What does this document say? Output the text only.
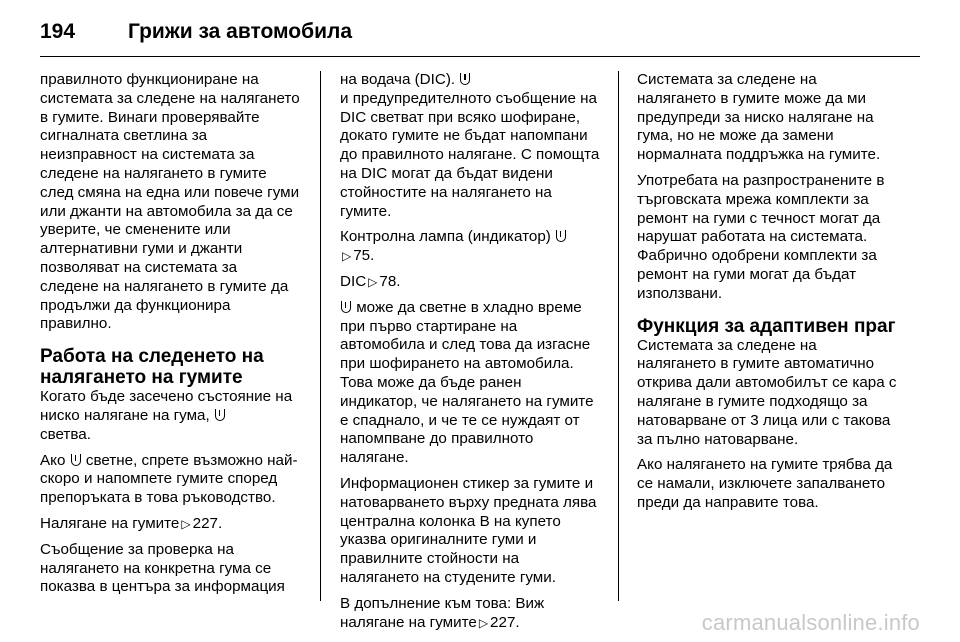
194	Грижи за автомобила

правилното функциониране на системата за следене на налягането в гумите. Винаги проверявайте сигналната светлина за неизправност на системата за следене на налягането в гумите след смяна на една или повече гуми или джанти на автомобила за да се уверите, че сменените или алтернативни гуми и джанти позволяват на системата за следене на налягането в гумите да продължи да функционира правилно.

Работа на следенето на налягането на гумите

Когато бъде засечено състояние на ниско налягане на гума,
светва.

Ако светне, спрете възможно най-скоро и напомпете гумите според препоръката в това ръководство.

Налягане на гумите ▷ 227.

Съобщение за проверка на налягането на конкретна гума се показва в центъра за информация

на водача (DIC).
и предупредителното съобщение на DIC светват при всяко шофиране, докато гумите не бъдат напомпани до правилното налягане. С помощта на DIC могат да бъдат видени стойностите на налягането на гумите.

Контролна лампа (индикатор)
▷ 75.

DIC ▷ 78.

може да светне в хладно време при първо стартиране на автомобила и след това да изгасне при шофирането на автомобила. Това може да бъде ранен индикатор, че налягането на гумите е спаднало, и че те се нуждаят от напомпване до правилното налягане.

Информационен стикер за гумите и натоварването върху предната лява централна колонка B на купето указва оригиналните гуми и правилните стойности на налягането на студените гуми.

В допълнение към това: Виж налягане на гумите ▷ 227.

Системата за следене на налягането в гумите може да ми предупреди за ниско налягане на гума, но не може да замени нормалната поддръжка на гумите.

Употребата на разпространените в търговската мрежа комплекти за ремонт на гуми с течност могат да нарушат работата на системата. Фабрично одобрени комплекти за ремонт на гуми могат да бъдат използвани.

Функция за адаптивен праг

Системата за следене на налягането в гумите автоматично открива дали автомобилът се кара с налягане в гумите подходящо за натоварване от 3 лица или с такова за пълно натоварване.

Ако налягането на гумите трябва да се намали, изключете запалването преди да направите това.

carmanualsonline.info
